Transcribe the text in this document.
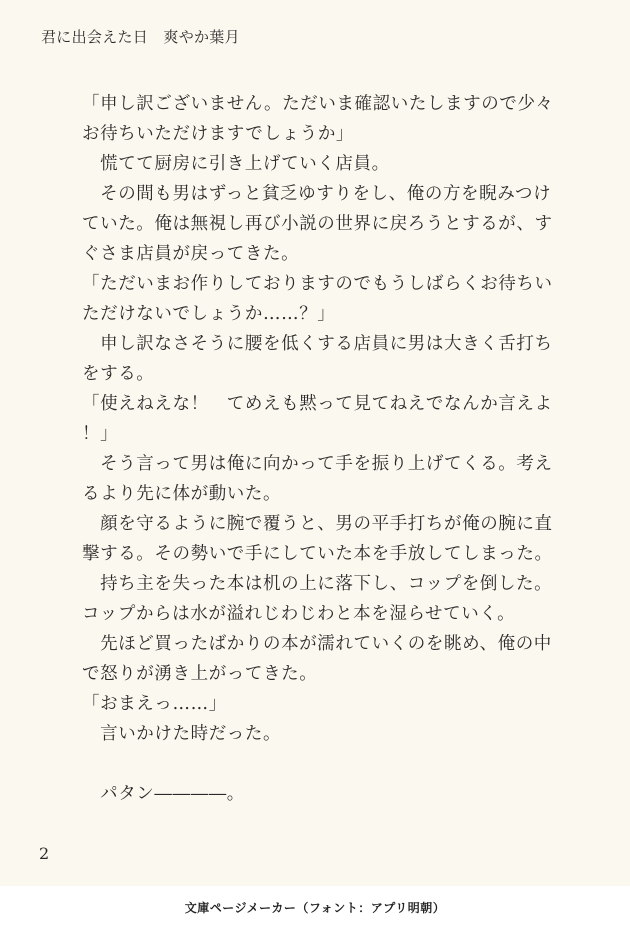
君に出会えた日　爽やか葉月
「申し訳ございません。ただいま確認いたしますので少々
お待ちいただけますでしょうか」
　慌てて厨房に引き上げていく店員。
　その間も男はずっと貧乏ゆすりをし、俺の方を睨みつけ
ていた。俺は無視し再び小説の世界に戻ろうとするが、す
ぐさま店員が戻ってきた。
「ただいまお作りしておりますのでもうしばらくお待ちい
ただけないでしょうか……？」
　申し訳なさそうに腰を低くする店員に男は大きく舌打ち
をする。
「使えねえな！　てめえも黙って見てねえでなんか言えよ
！」
　そう言って男は俺に向かって手を振り上げてくる。考え
るより先に体が動いた。
　顔を守るように腕で覆うと、男の平手打ちが俺の腕に直
撃する。その勢いで手にしていた本を手放してしまった。
　持ち主を失った本は机の上に落下し、コップを倒した。
コップからは水が溢れじわじわと本を湿らせていく。
　先ほど買ったばかりの本が濡れていくのを眺め、俺の中
で怒りが湧き上がってきた。
「おまえっ……」
　言いかけた時だった。
　パタン――――。
2
文庫ページメーカー（フォント：アプリ明朝）
